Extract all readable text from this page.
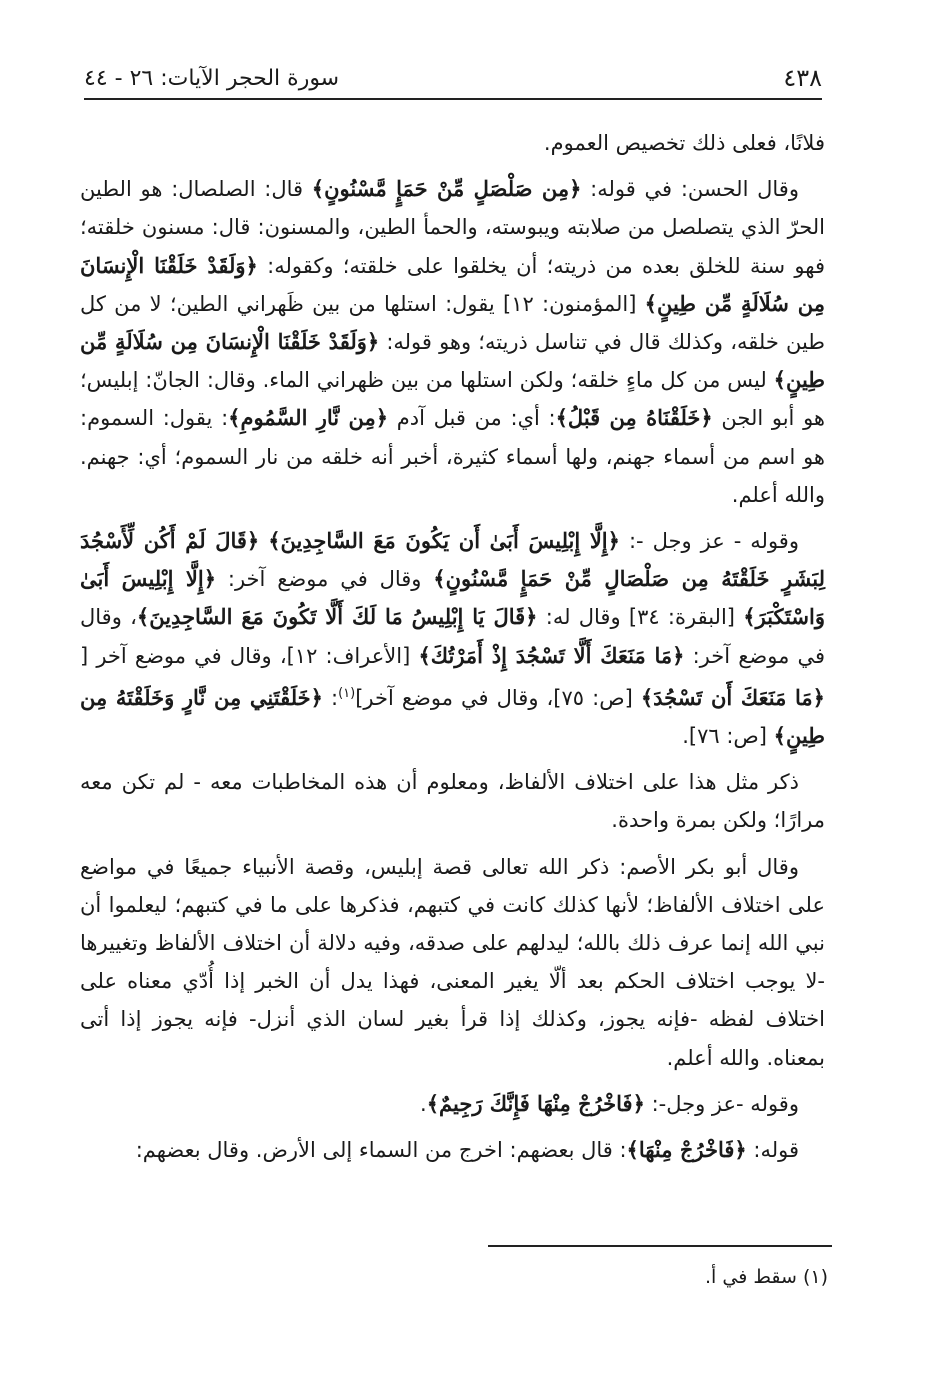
٤٣٨
سورة الحجر الآيات: ٢٦ - ٤٤

فلانًا، فعلى ذلك تخصيص العموم.

وقال الحسن: في قوله: ﴿مِن صَلْصَلٍ مِّنْ حَمَإٍ مَّسْنُونٍ﴾ قال: الصلصال: هو الطين الحرّ الذي يتصلصل من صلابته ويبوسته، والحمأ الطين، والمسنون: قال: مسنون خلقته؛ فهو سنة للخلق بعده من ذريته؛ أن يخلقوا على خلقته؛ وكقوله: ﴿وَلَقَدْ خَلَقْنَا الْإِنسَانَ مِن سُلَالَةٍ مِّن طِينٍ﴾ [المؤمنون: ١٢] يقول: استلها من بين ظَهراني الطين؛ لا من كل طين خلقه، وكذلك قال في تناسل ذريته؛ وهو قوله: ﴿وَلَقَدْ خَلَقْنَا الْإِنسَانَ مِن سُلَالَةٍ مِّن طِينٍ﴾ ليس من كل ماءٍ خلقه؛ ولكن استلها من بين ظهراني الماء. وقال: الجانّ: إبليس؛ هو أبو الجن ﴿خَلَقْنَاهُ مِن قَبْلُ﴾: أي: من قبل آدم ﴿مِن نَّارِ السَّمُومِ﴾: يقول: السموم: هو اسم من أسماء جهنم، ولها أسماء كثيرة، أخبر أنه خلقه من نار السموم؛ أي: جهنم. والله أعلم.

وقوله - عز وجل -: ﴿إِلَّا إِبْلِيسَ أَبَىٰ أَن يَكُونَ مَعَ السَّاجِدِينَ﴾ ﴿قَالَ لَمْ أَكُن لِّأَسْجُدَ لِبَشَرٍ خَلَقْتَهُ مِن صَلْصَالٍ مِّنْ حَمَإٍ مَّسْنُونٍ﴾ وقال في موضع آخر: ﴿إِلَّا إِبْلِيسَ أَبَىٰ وَاسْتَكْبَرَ﴾ [البقرة: ٣٤] وقال له: ﴿قَالَ يَا إِبْلِيسُ مَا لَكَ أَلَّا تَكُونَ مَعَ السَّاجِدِينَ﴾، وقال في موضع آخر: ﴿مَا مَنَعَكَ أَلَّا تَسْجُدَ إِذْ أَمَرْتُكَ﴾ [الأعراف: ١٢]، وقال في موضع آخر [ ﴿مَا مَنَعَكَ أَن تَسْجُدَ﴾ [ص: ٧٥]، وقال في موضع آخر]$^{(١)}$: ﴿خَلَقْتَنِي مِن نَّارٍ وَخَلَقْتَهُ مِن طِينٍ﴾ [ص: ٧٦].

ذكر مثل هذا على اختلاف الألفاظ، ومعلوم أن هذه المخاطبات معه - لم تكن معه مرارًا؛ ولكن بمرة واحدة.

وقال أبو بكر الأصم: ذكر الله تعالى قصة إبليس، وقصة الأنبياء جميعًا في مواضع على اختلاف الألفاظ؛ لأنها كذلك كانت في كتبهم، فذكرها على ما في كتبهم؛ ليعلموا أن نبي الله إنما عرف ذلك بالله؛ ليدلهم على صدقه، وفيه دلالة أن اختلاف الألفاظ وتغييرها -لا يوجب اختلاف الحكم بعد ألّا يغير المعنى، فهذا يدل أن الخبر إذا أُدّي معناه على اختلاف لفظه -فإنه يجوز، وكذلك إذا قرأ بغير لسان الذي أنزل- فإنه يجوز إذا أتى بمعناه. والله أعلم.

وقوله -عز وجل-: ﴿فَاخْرُجْ مِنْهَا فَإِنَّكَ رَجِيمٌ﴾.

قوله: ﴿فَاخْرُجْ مِنْهَا﴾: قال بعضهم: اخرج من السماء إلى الأرض. وقال بعضهم:

(١) سقط في أ.
